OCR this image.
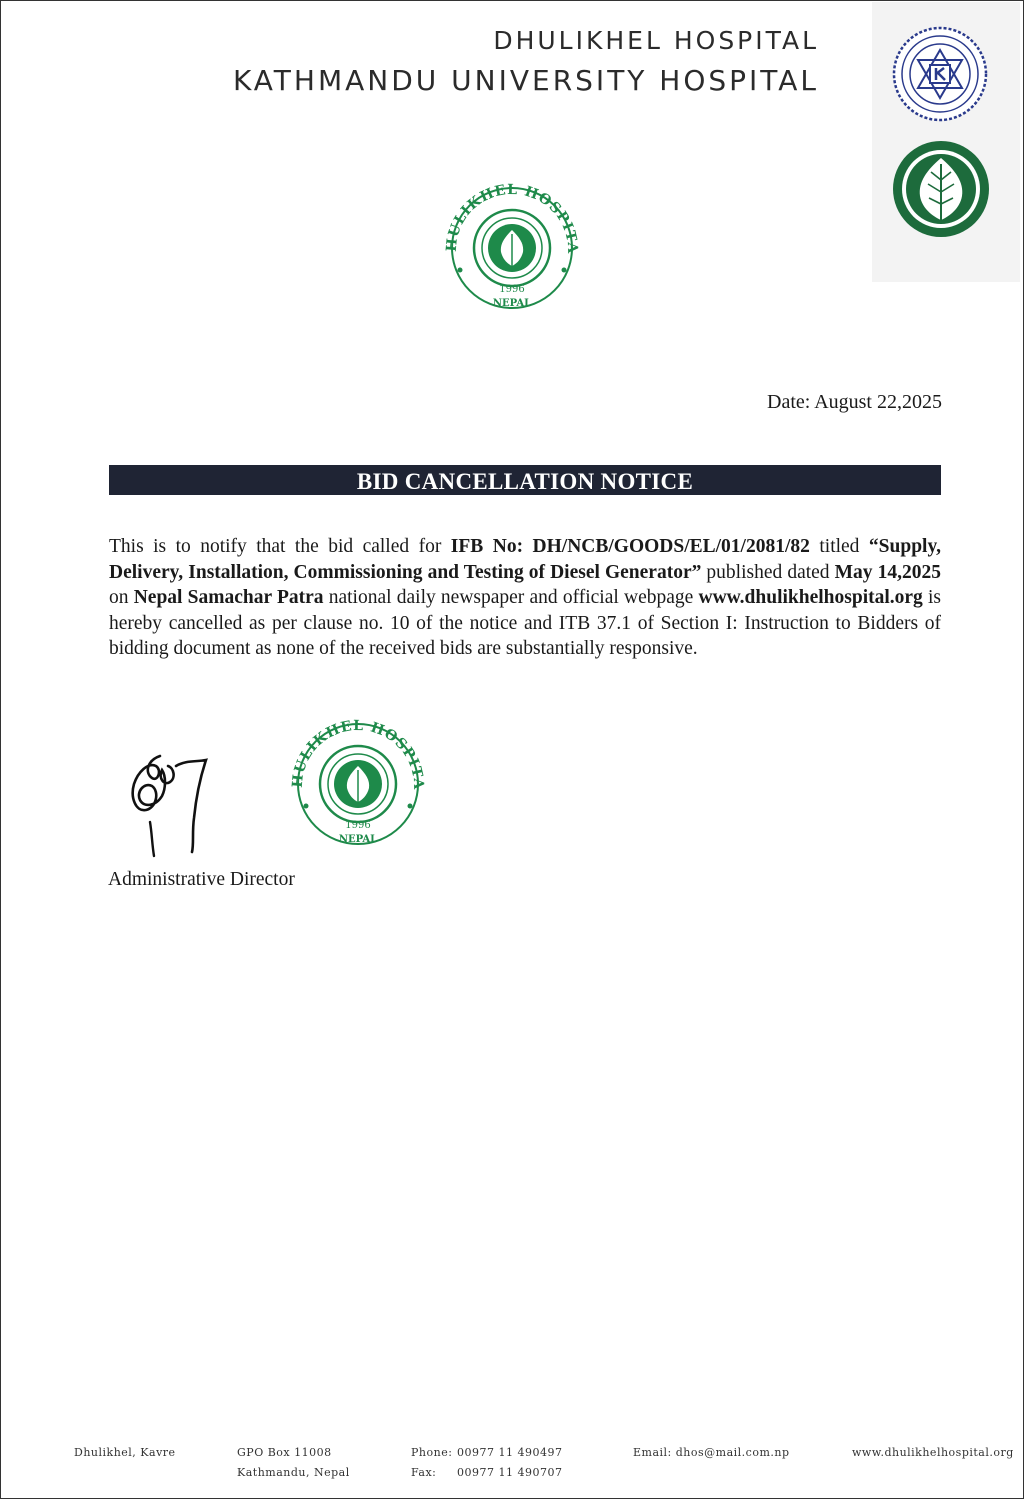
DHULIKHEL HOSPITAL
KATHMANDU UNIVERSITY HOSPITAL
HULIKHEL HOSPITA
1996
NEPAL
Date: August 22,2025
BID CANCELLATION NOTICE
This is to notify that the bid called for IFB No: DH/NCB/GOODS/EL/01/2081/82 titled “Supply, Delivery, Installation, Commissioning and Testing of Diesel Generator” published dated May 14,2025 on Nepal Samachar Patra national daily newspaper and official webpage www.dhulikhelhospital.org is hereby cancelled as per clause no. 10 of the notice and ITB 37.1 of Section I: Instruction to Bidders of bidding document as none of the received bids are substantially responsive.
HULIKHEL HOSPITA
1996
NEPAL
Administrative Director
Dhulikhel, Kavre	GPO Box 11008
Kathmandu, Nepal
Phone: 00977 11 490497
Fax: 00977 11 490707
Email: dhos@mail.com.np	www.dhulikhelhospital.org
